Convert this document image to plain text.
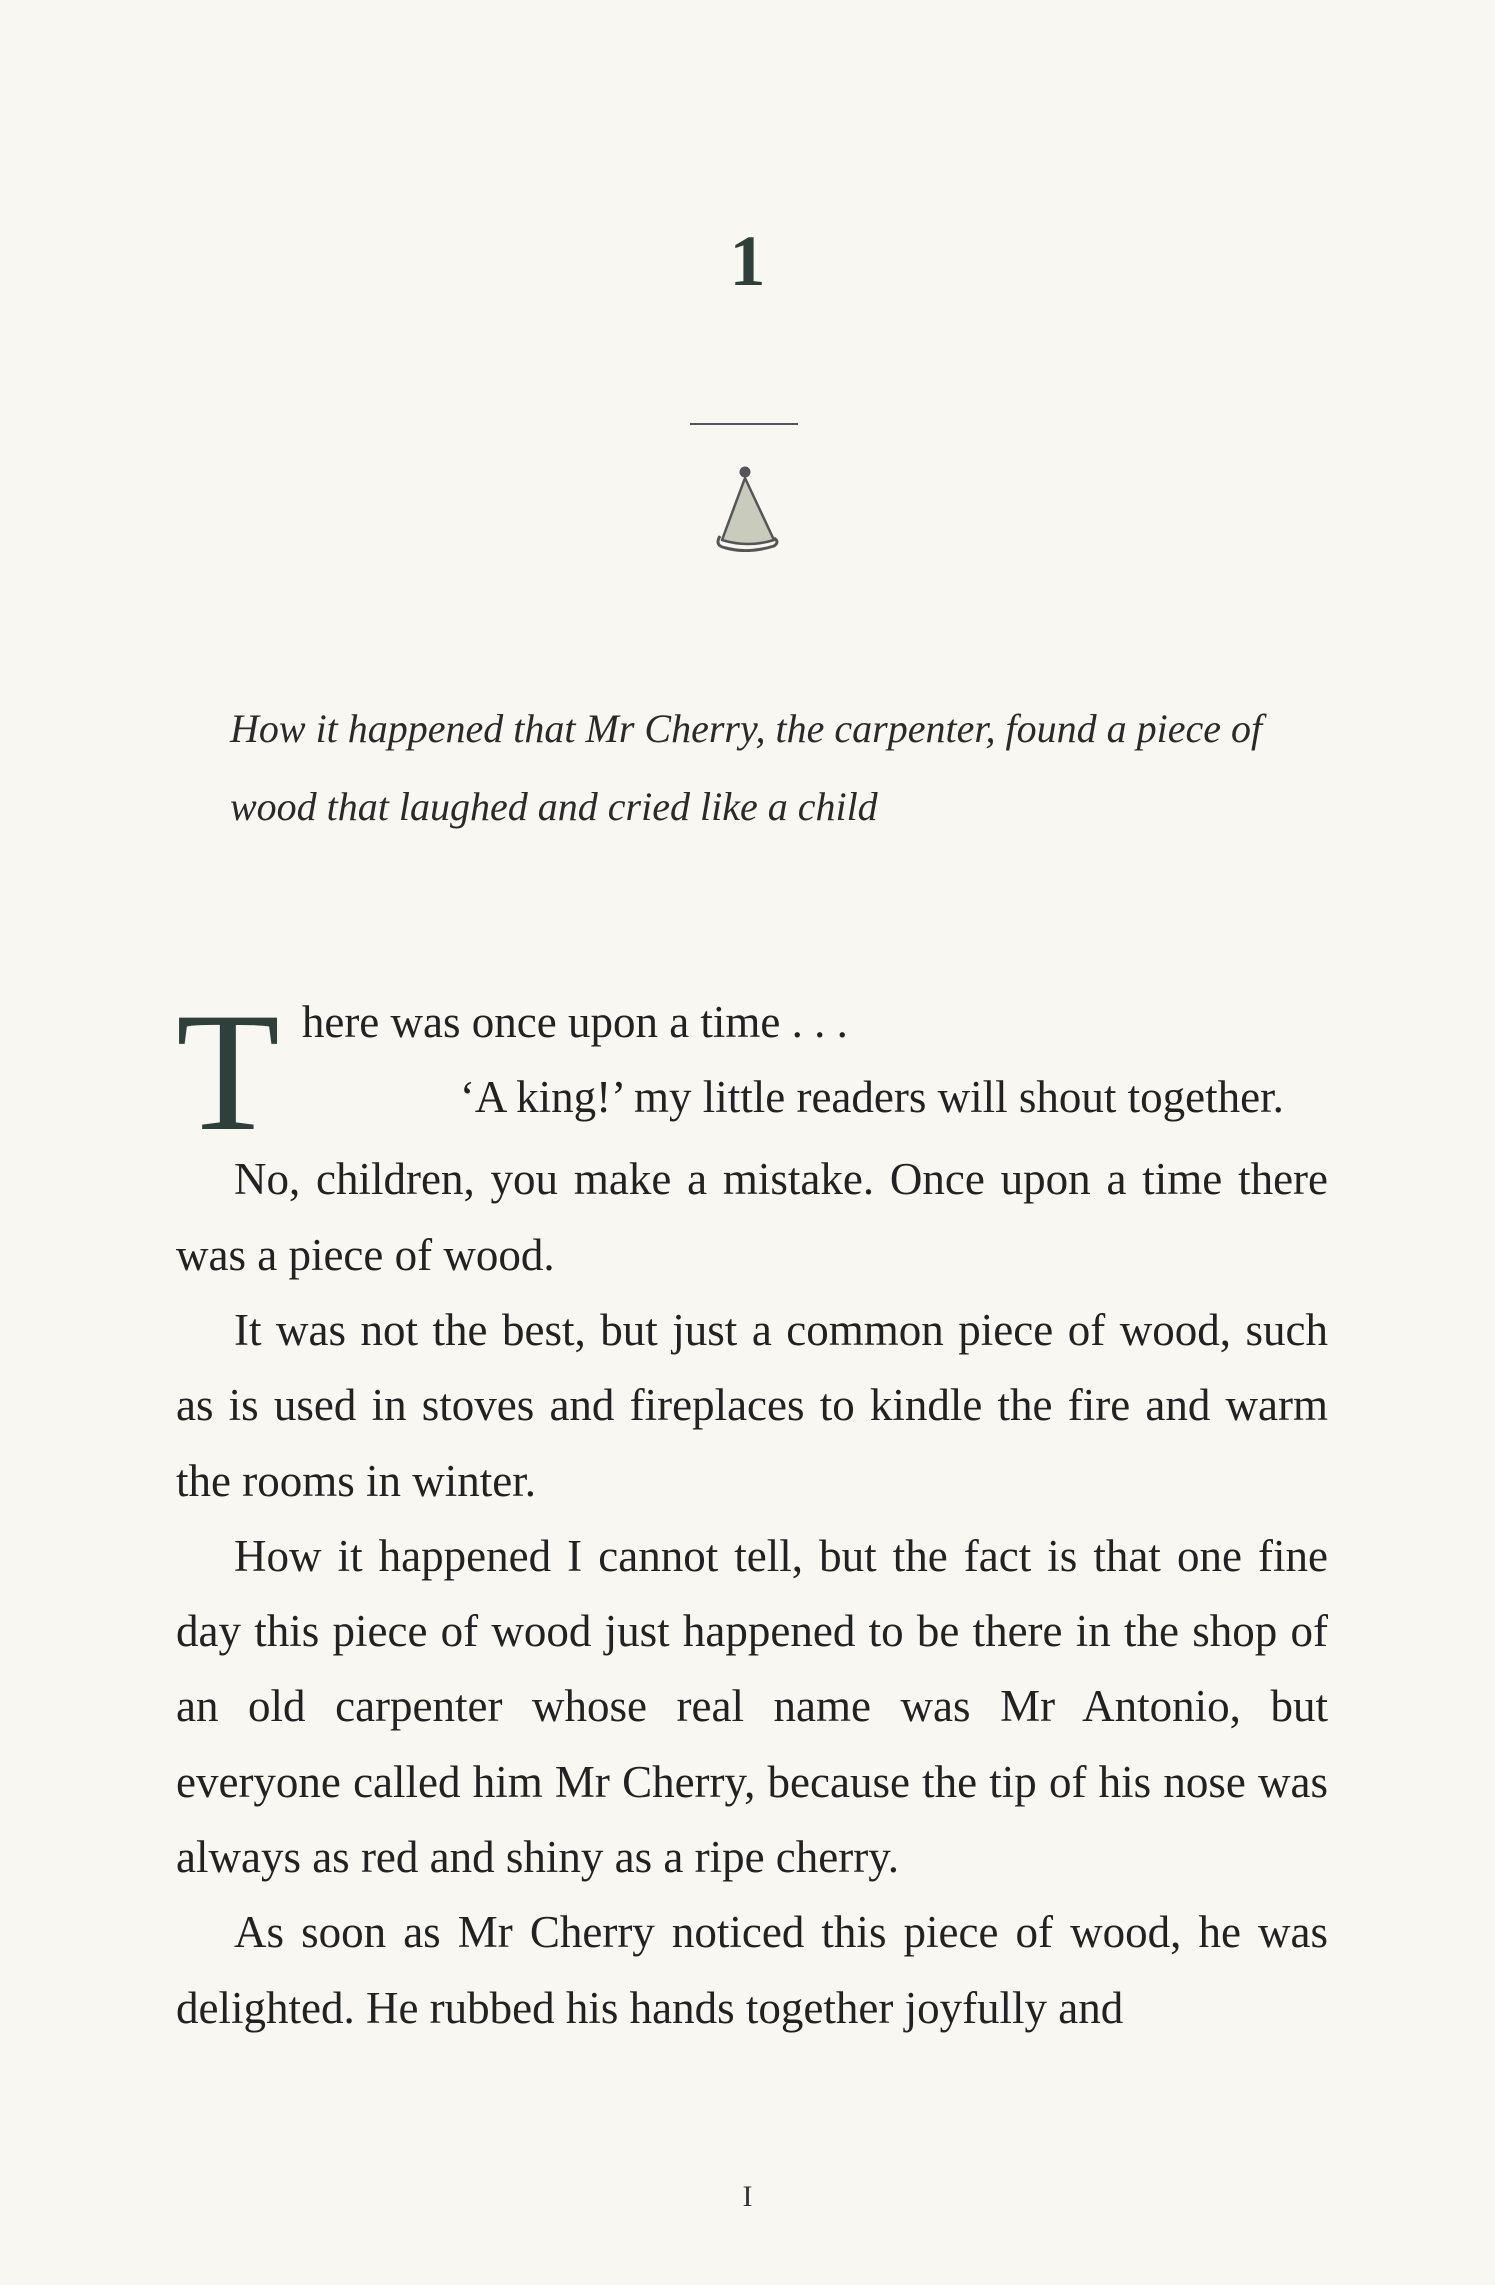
1
How it happened that Mr Cherry, the carpenter, found a piece of wood that laughed and cried like a child

There was once upon a time . . .

‘A king!’ my little readers will shout together.

No, children, you make a mistake. Once upon a time there was a piece of wood.

It was not the best, but just a common piece of wood, such as is used in stoves and fireplaces to kindle the fire and warm the rooms in winter.

How it happened I cannot tell, but the fact is that one fine day this piece of wood just happened to be there in the shop of an old carpenter whose real name was Mr Antonio, but everyone called him Mr Cherry, because the tip of his nose was always as red and shiny as a ripe cherry.

As soon as Mr Cherry noticed this piece of wood, he was delighted. He rubbed his hands together joyfully and

I
